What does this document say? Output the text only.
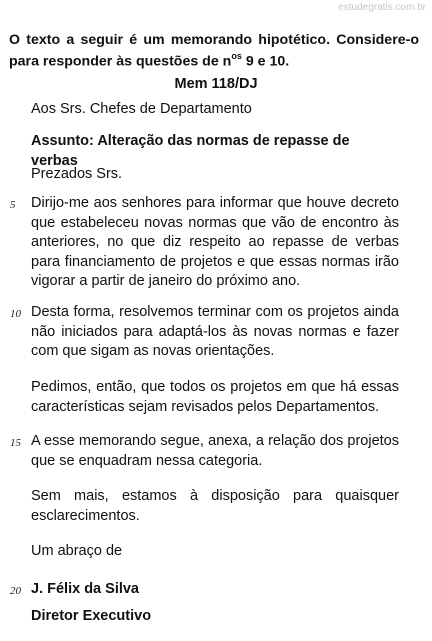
estudegratis.com.br
O texto a seguir é um memorando hipotético. Considere-o para responder às questões de $n^{os}$ 9 e 10.
Mem 118/DJ
Aos Srs. Chefes de Departamento
Assunto: Alteração das normas de repasse de verbas
Prezados Srs.
5	Dirijo-me aos senhores para informar que houve decreto que estabeleceu novas normas que vão de encontro às anteriores, no que diz respeito ao repasse de verbas para financiamento de projetos e que essas normas irão vigorar a partir de janeiro do próximo ano.
10 Desta forma, resolvemos terminar com os projetos ainda não iniciados para adaptá-los às novas normas e fazer com que sigam as novas orientações.
Pedimos, então, que todos os projetos em que há essas características sejam revisados pelos Departamentos.
15 A esse memorando segue, anexa, a relação dos projetos que se enquadram nessa categoria.
Sem mais, estamos à disposição para quaisquer esclarecimentos.
Um abraço de
20 J. Félix da Silva
Diretor Executivo
